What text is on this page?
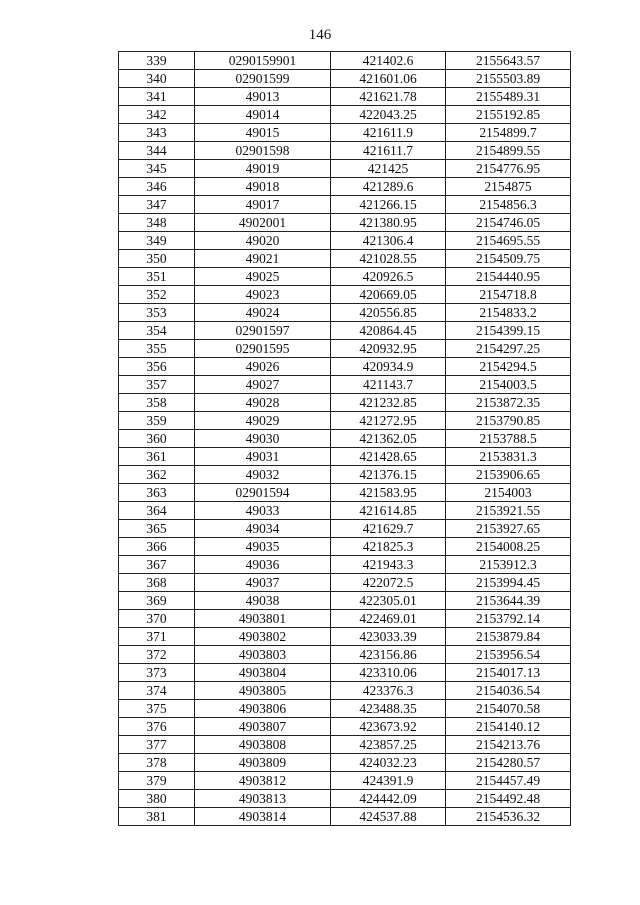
146
339	0290159901	421402.6	2155643.57
340	02901599	421601.06	2155503.89
341	49013	421621.78	2155489.31
342	49014	422043.25	2155192.85
343	49015	421611.9	2154899.7
344	02901598	421611.7	2154899.55
345	49019	421425	2154776.95
346	49018	421289.6	2154875
347	49017	421266.15	2154856.3
348	4902001	421380.95	2154746.05
349	49020	421306.4	2154695.55
350	49021	421028.55	2154509.75
351	49025	420926.5	2154440.95
352	49023	420669.05	2154718.8
353	49024	420556.85	2154833.2
354	02901597	420864.45	2154399.15
355	02901595	420932.95	2154297.25
356	49026	420934.9	2154294.5
357	49027	421143.7	2154003.5
358	49028	421232.85	2153872.35
359	49029	421272.95	2153790.85
360	49030	421362.05	2153788.5
361	49031	421428.65	2153831.3
362	49032	421376.15	2153906.65
363	02901594	421583.95	2154003
364	49033	421614.85	2153921.55
365	49034	421629.7	2153927.65
366	49035	421825.3	2154008.25
367	49036	421943.3	2153912.3
368	49037	422072.5	2153994.45
369	49038	422305.01	2153644.39
370	4903801	422469.01	2153792.14
371	4903802	423033.39	2153879.84
372	4903803	423156.86	2153956.54
373	4903804	423310.06	2154017.13
374	4903805	423376.3	2154036.54
375	4903806	423488.35	2154070.58
376	4903807	423673.92	2154140.12
377	4903808	423857.25	2154213.76
378	4903809	424032.23	2154280.57
379	4903812	424391.9	2154457.49
380	4903813	424442.09	2154492.48
381	4903814	424537.88	2154536.32
